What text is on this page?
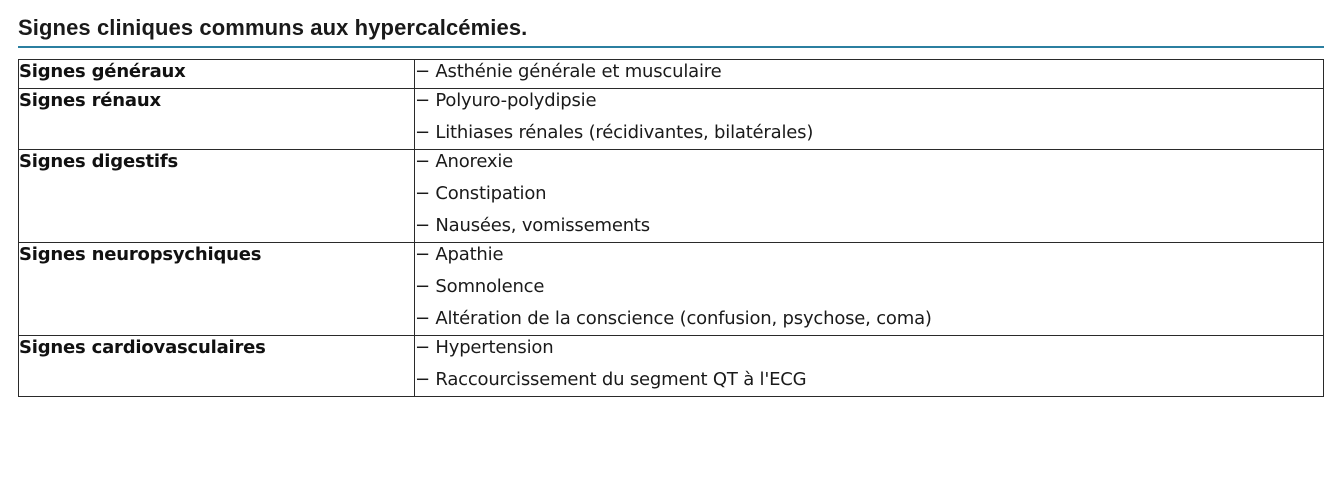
Signes cliniques communs aux hypercalcémies.
Signes généraux	− Asthénie générale et musculaire

Signes rénaux	− Polyuro-polydipsie
− Lithiases rénales (récidivantes, bilatérales)

Signes digestifs	− Anorexie
− Constipation
− Nausées, vomissements

Signes neuropsychiques	− Apathie
− Somnolence
− Altération de la conscience (confusion, psychose, coma)

Signes cardiovasculaires	− Hypertension
− Raccourcissement du segment QT à l'ECG
